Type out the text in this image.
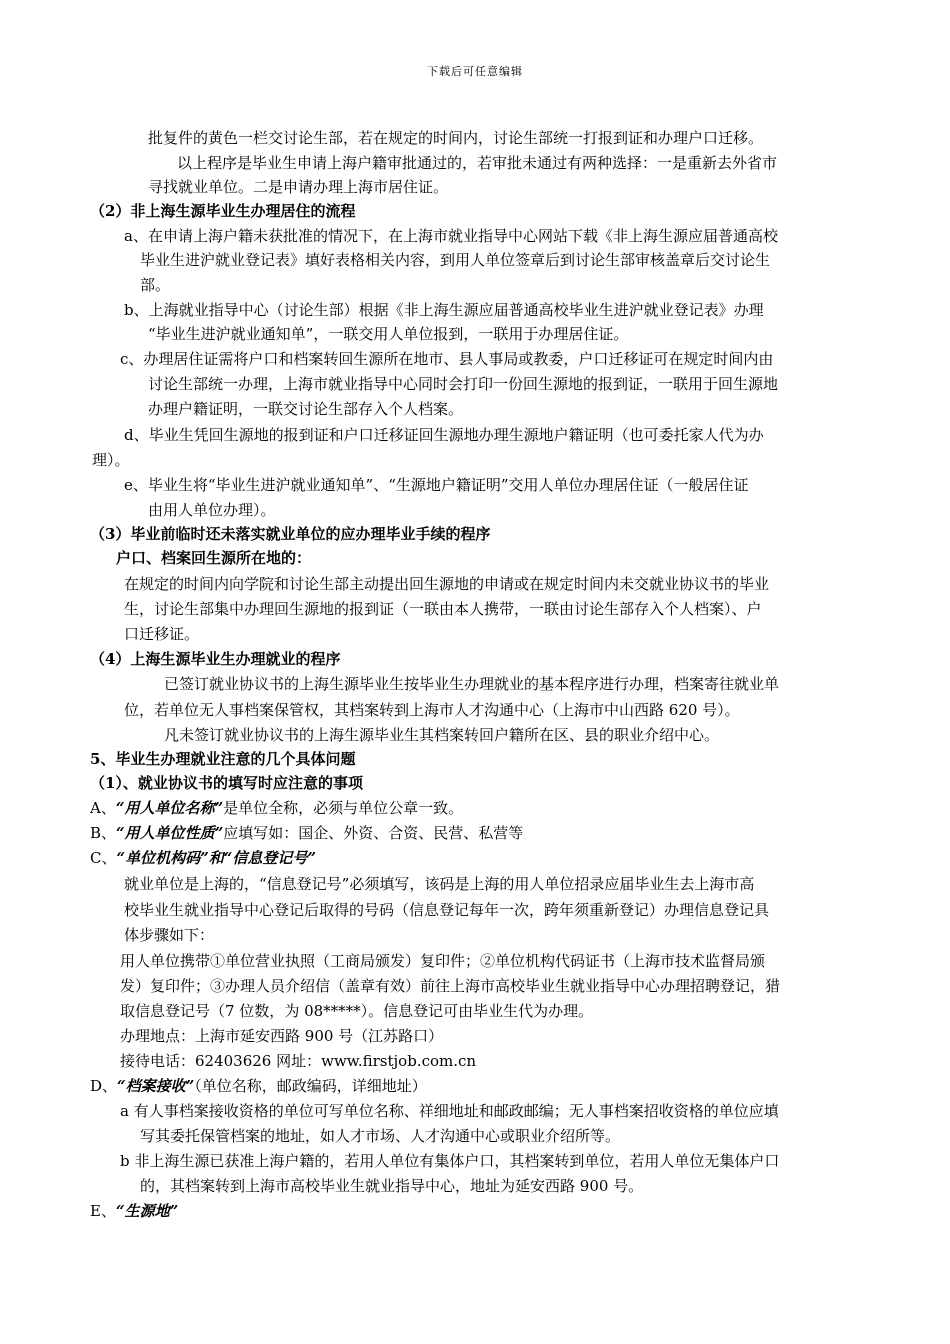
下载后可任意编辑
批复件的黄色一栏交讨论生部，若在规定的时间内，讨论生部统一打报到证和办理户口迁移。
以上程序是毕业生申请上海户籍审批通过的，若审批未通过有两种选择：一是重新去外省市
寻找就业单位。二是申请办理上海市居住证。
（2）非上海生源毕业生办理居住的流程
a、在申请上海户籍未获批准的情况下，在上海市就业指导中心网站下载《非上海生源应届普通高校
毕业生进沪就业登记表》填好表格相关内容，到用人单位签章后到讨论生部审核盖章后交讨论生
部。
b、上海就业指导中心（讨论生部）根据《非上海生源应届普通高校毕业生进沪就业登记表》办理
“毕业生进沪就业通知单”，一联交用人单位报到，一联用于办理居住证。
c、办理居住证需将户口和档案转回生源所在地市、县人事局或教委，户口迁移证可在规定时间内由
讨论生部统一办理，上海市就业指导中心同时会打印一份回生源地的报到证，一联用于回生源地
办理户籍证明，一联交讨论生部存入个人档案。
d、毕业生凭回生源地的报到证和户口迁移证回生源地办理生源地户籍证明（也可委托家人代为办
理）。
e、毕业生将“毕业生进沪就业通知单”、“生源地户籍证明”交用人单位办理居住证（一般居住证
由用人单位办理）。
（3）毕业前临时还未落实就业单位的应办理毕业手续的程序
户口、档案回生源所在地的：
在规定的时间内向学院和讨论生部主动提出回生源地的申请或在规定时间内未交就业协议书的毕业
生，讨论生部集中办理回生源地的报到证（一联由本人携带，一联由讨论生部存入个人档案）、户
口迁移证。
（4）上海生源毕业生办理就业的程序
已签订就业协议书的上海生源毕业生按毕业生办理就业的基本程序进行办理，档案寄往就业单
位，若单位无人事档案保管权，其档案转到上海市人才沟通中心（上海市中山西路 620 号）。
凡未签订就业协议书的上海生源毕业生其档案转回户籍所在区、县的职业介绍中心。
5、毕业生办理就业注意的几个具体问题
（1）、就业协议书的填写时应注意的事项
A、“用人单位名称”是单位全称，必须与单位公章一致。
B、“用人单位性质”应填写如：国企、外资、合资、民营、私营等
C、“单位机构码”和“信息登记号”
就业单位是上海的，“信息登记号”必须填写，该码是上海的用人单位招录应届毕业生去上海市高
校毕业生就业指导中心登记后取得的号码（信息登记每年一次，跨年须重新登记）办理信息登记具
体步骤如下：
用人单位携带①单位营业执照（工商局颁发）复印件；②单位机构代码证书（上海市技术监督局颁
发）复印件；③办理人员介绍信（盖章有效）前往上海市高校毕业生就业指导中心办理招聘登记，猎
取信息登记号（7 位数，为 08*****）。信息登记可由毕业生代为办理。
办理地点：上海市延安西路 900 号（江苏路口）
接待电话：62403626 网址：www.firstjob.com.cn
D、“档案接收”（单位名称，邮政编码，详细地址）
a 有人事档案接收资格的单位可写单位名称、祥细地址和邮政邮编；无人事档案招收资格的单位应填
写其委托保管档案的地址，如人才市场、人才沟通中心或职业介绍所等。
b 非上海生源已获准上海户籍的，若用人单位有集体户口，其档案转到单位，若用人单位无集体户口
的，其档案转到上海市高校毕业生就业指导中心，地址为延安西路 900 号。
E、“生源地”
